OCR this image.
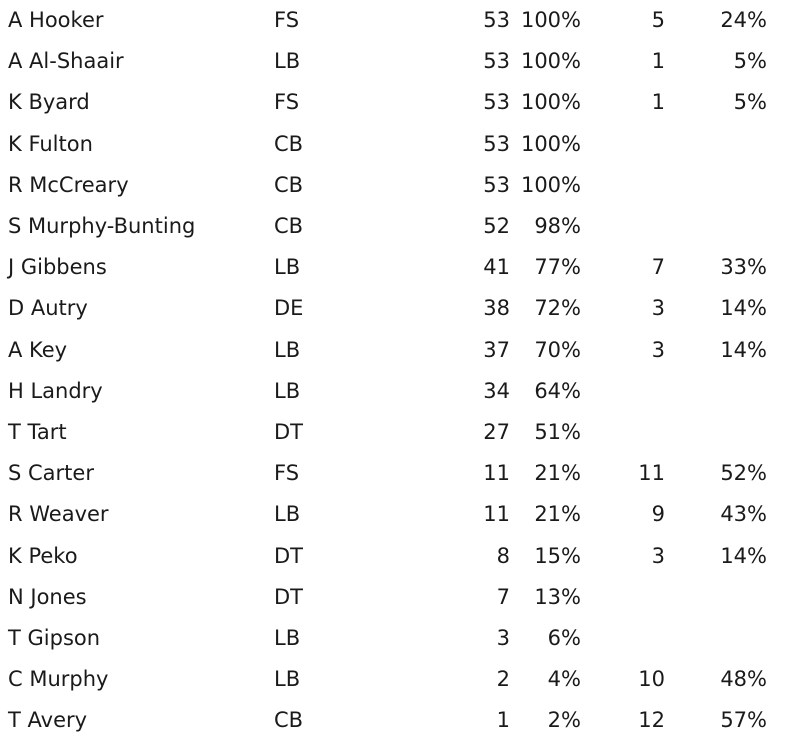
A Hooker	FS	53	100%	5	24%	
A Al-Shaair	LB	53	100%	1	5%	
K Byard	FS	53	100%	1	5%	
K Fulton	CB	53	100%			
R McCreary	CB	53	100%			
S Murphy-Bunting	CB	52	98%			
J Gibbens	LB	41	77%	7	33%	
D Autry	DE	38	72%	3	14%	
A Key	LB	37	70%	3	14%	
H Landry	LB	34	64%			
T Tart	DT	27	51%			
S Carter	FS	11	21%	11	52%	
R Weaver	LB	11	21%	9	43%	
K Peko	DT	8	15%	3	14%	
N Jones	DT	7	13%			
T Gipson	LB	3	6%			
C Murphy	LB	2	4%	10	48%	
T Avery	CB	1	2%	12	57%	
